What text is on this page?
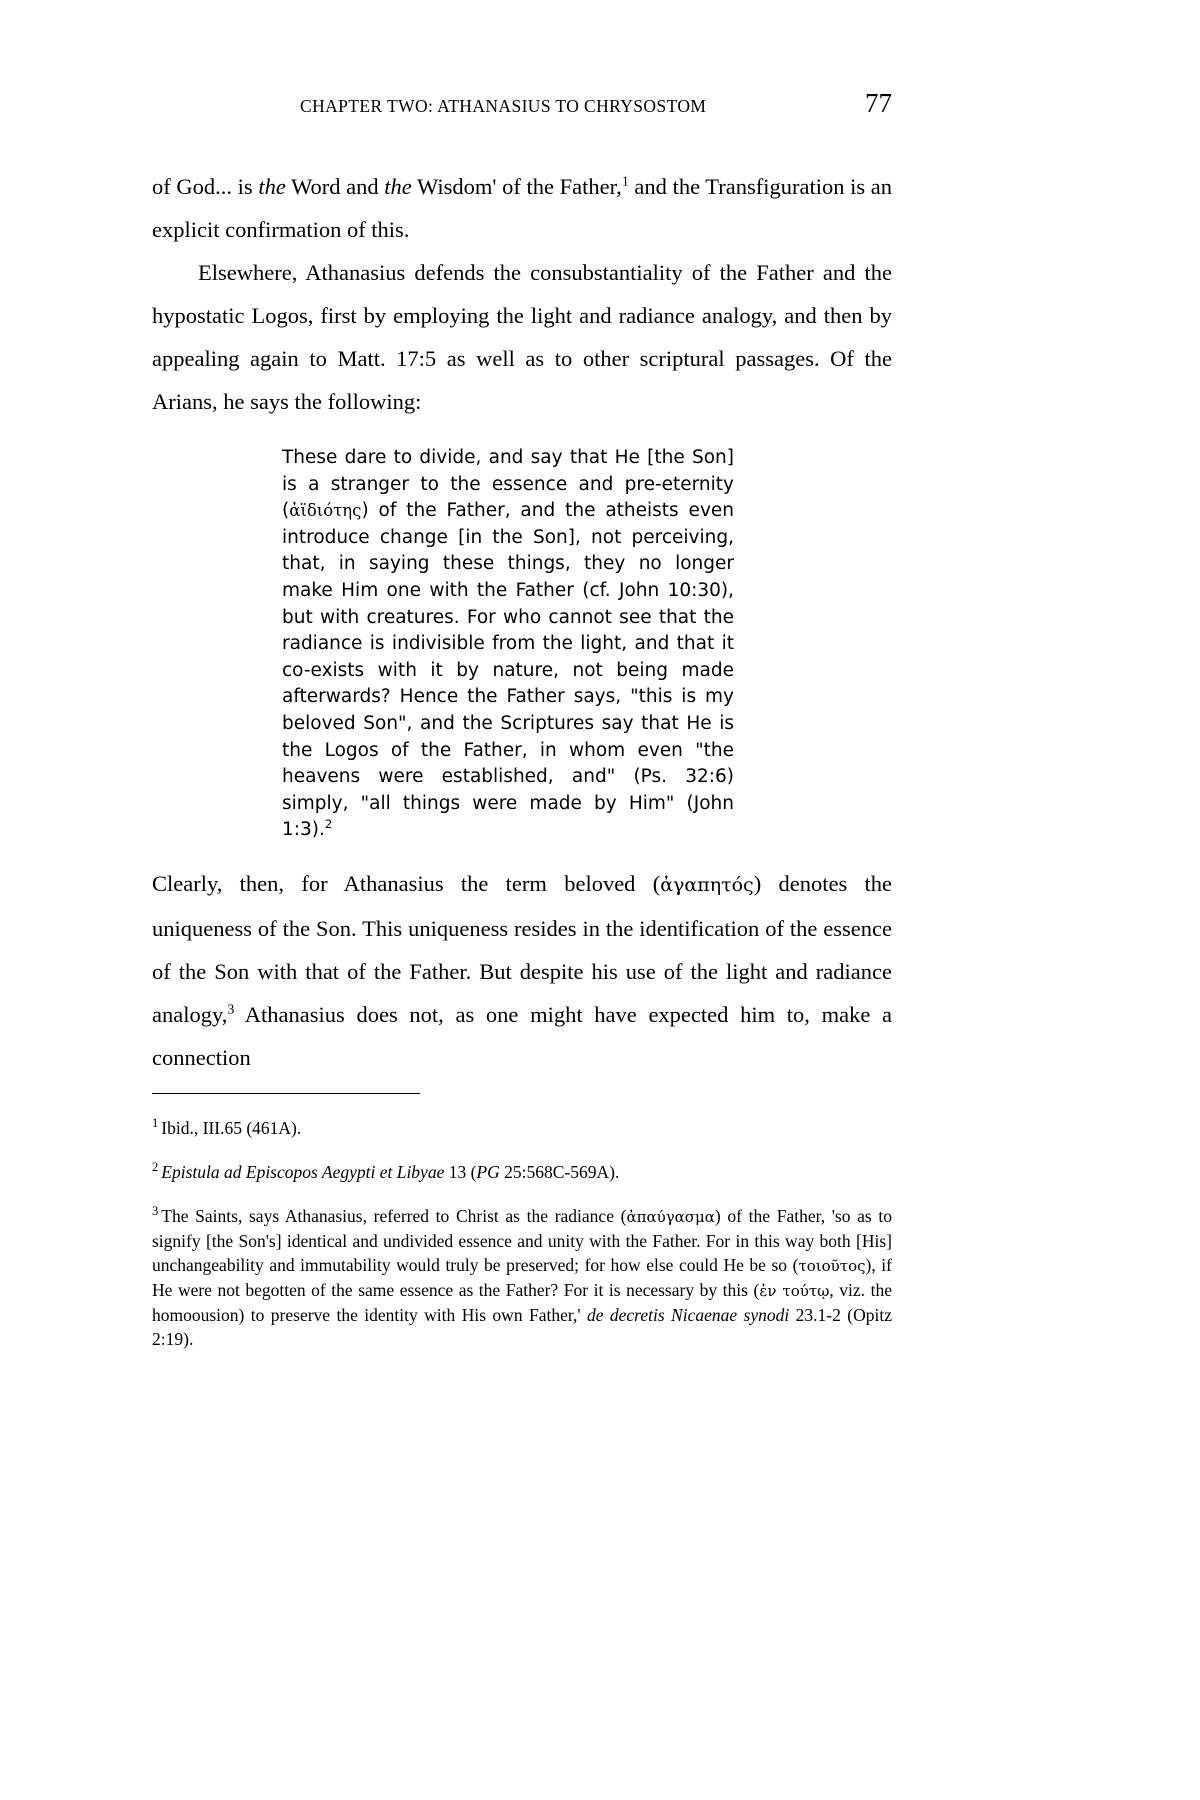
CHAPTER TWO: ATHANASIUS TO CHRYSOSTOM	77

of God... is the Word and the Wisdom' of the Father,$^1$ and the Transfiguration is an explicit confirmation of this.

Elsewhere, Athanasius defends the consubstantiality of the Father and the hypostatic Logos, first by employing the light and radiance analogy, and then by appealing again to Matt. 17:5 as well as to other scriptural passages. Of the Arians, he says the following:

These dare to divide, and say that He [the Son] is a stranger to the essence and pre-eternity (ἀϊδιότης) of the Father, and the atheists even introduce change [in the Son], not perceiving, that, in saying these things, they no longer make Him one with the Father (cf. John 10:30), but with creatures. For who cannot see that the radiance is indivisible from the light, and that it co-exists with it by nature, not being made afterwards? Hence the Father says, "this is my beloved Son", and the Scriptures say that He is the Logos of the Father, in whom even "the heavens were established, and" (Ps. 32:6) simply, "all things were made by Him" (John 1:3).$^2$

Clearly, then, for Athanasius the term beloved (ἀγαπητός) denotes the uniqueness of the Son. This uniqueness resides in the identification of the essence of the Son with that of the Father. But despite his use of the light and radiance analogy,$^3$ Athanasius does not, as one might have expected him to, make a connection

$^1$ Ibid., III.65 (461A).

$^2$ Epistula ad Episcopos Aegypti et Libyae 13 (PG 25:568C-569A).

$^3$ The Saints, says Athanasius, referred to Christ as the radiance (ἀπαύγασμα) of the Father, 'so as to signify [the Son's] identical and undivided essence and unity with the Father. For in this way both [His] unchangeability and immutability would truly be preserved; for how else could He be so (τοιοῦτος), if He were not begotten of the same essence as the Father? For it is necessary by this (ἐν τούτῳ, viz. the homoousion) to preserve the identity with His own Father,' de decretis Nicaenae synodi 23.1-2 (Opitz 2:19).
